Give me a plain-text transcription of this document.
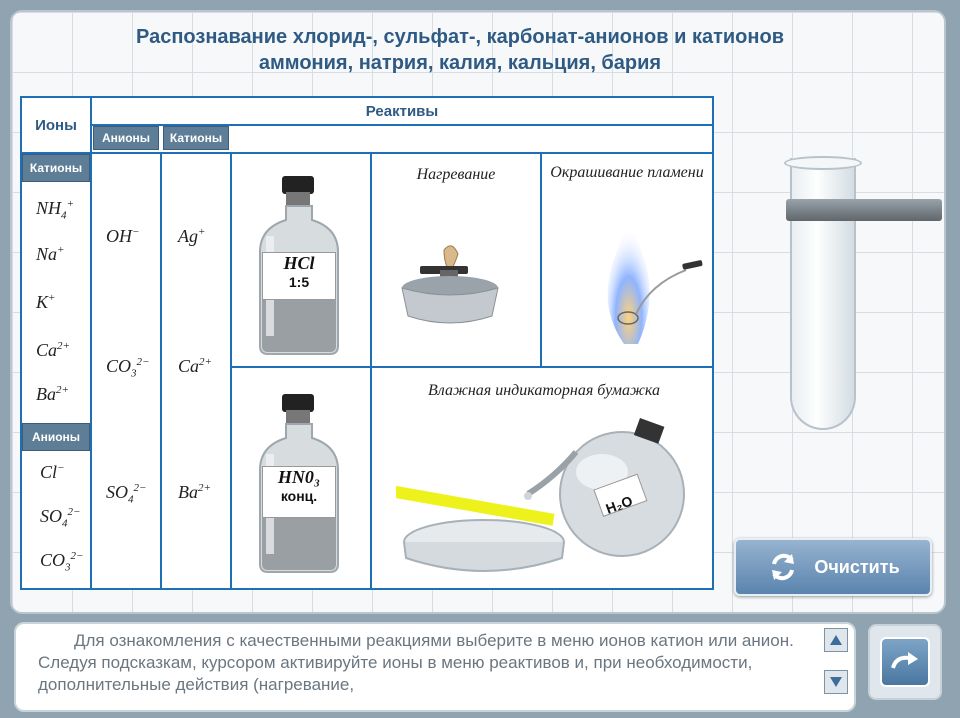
Распознавание хлорид-, сульфат-, карбонат-анионов и катионов
аммония, натрия, калия, кальция, бария
Ионы
Катионы
Анионы
$NH_4^+$
Na+
K+
$Ca^{2+}$
$Ba^{2+}$
Cl−
$SO_4^{2-}$
$CO_3^{2-}$
Реактивы
Анионы	Катионы
OH−
$CO_3^{2-}$
$SO_4^{2-}$
Ag+
$Ca^{2+}$
$Ba^{2+}$
HCl
1:5
HN0₃
конц.
Нагревание	Окрашивание пламени
Влажная индикаторная бумажка
H₂O
Очистить

Для ознакомления с качественными реакциями выберите в меню ионов катион или анион. Следуя подсказкам, курсором активируйте ионы в меню реактивов и, при необходимости, дополнительные действия (нагревание,
